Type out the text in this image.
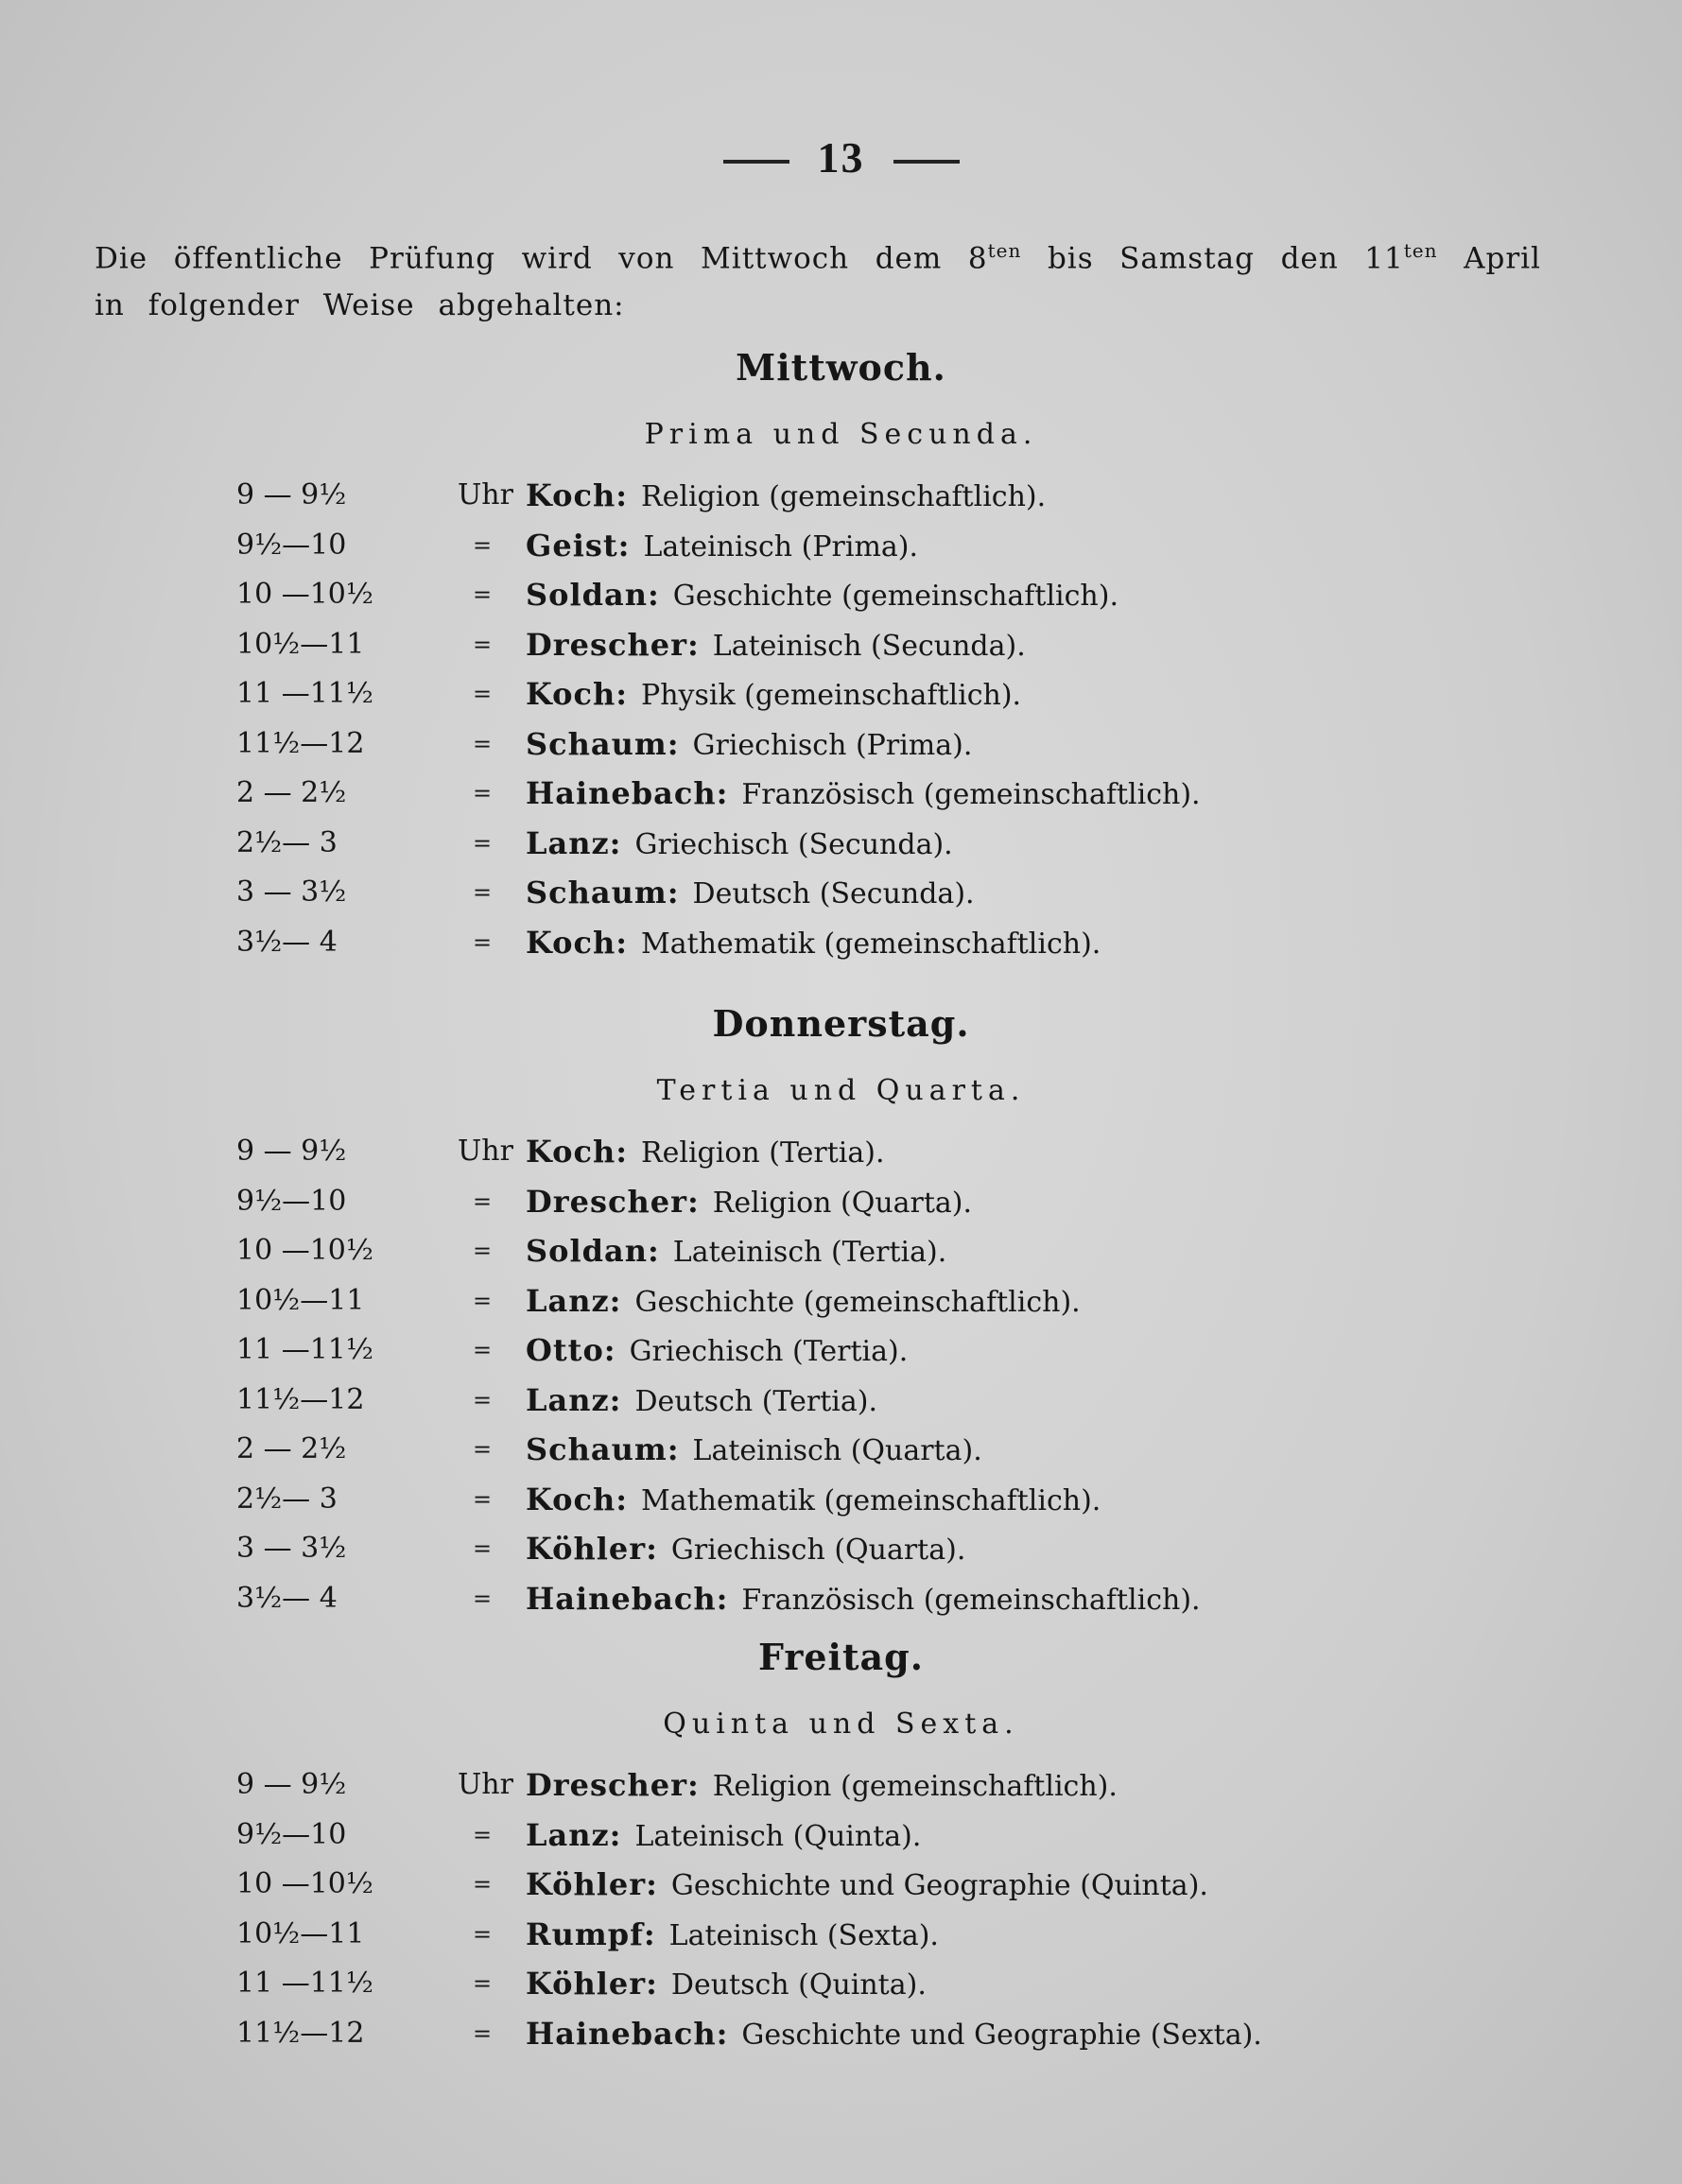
13
Die öffentliche Prüfung wird von Mittwoch dem $8^{ten}$ bis Samstag den $11^{ten}$ April in folgender Weise abgehalten:
Mittwoch.
Prima und Secunda.
9 — 9½	Uhr Koch: Religion (gemeinschaftlich).
9½—10	=	Geist: Lateinisch (Prima).
10 —10½	=	Soldan: Geschichte (gemeinschaftlich).
10½—11	=	Drescher: Lateinisch (Secunda).
11 —11½	=	Koch: Physik (gemeinschaftlich).
11½—12	=	Schaum: Griechisch (Prima).
2 — 2½	=	Hainebach: Französisch (gemeinschaftlich).
2½— 3	=	Lanz: Griechisch (Secunda).
3 — 3½	=	Schaum: Deutsch (Secunda).
3½— 4	=	Koch: Mathematik (gemeinschaftlich).
Donnerstag.
Tertia und Quarta.
9 — 9½	Uhr Koch: Religion (Tertia).
9½—10	=	Drescher: Religion (Quarta).
10 —10½	=	Soldan: Lateinisch (Tertia).
10½—11	=	Lanz: Geschichte (gemeinschaftlich).
11 —11½	=	Otto: Griechisch (Tertia).
11½—12	=	Lanz: Deutsch (Tertia).
2 — 2½	=	Schaum: Lateinisch (Quarta).
2½— 3	=	Koch: Mathematik (gemeinschaftlich).
3 — 3½	=	Köhler: Griechisch (Quarta).
3½— 4	=	Hainebach: Französisch (gemeinschaftlich).
Freitag.
Quinta und Sexta.
9 — 9½	Uhr Drescher: Religion (gemeinschaftlich).
9½—10	=	Lanz: Lateinisch (Quinta).
10 —10½	=	Köhler: Geschichte und Geographie (Quinta).
10½—11	=	Rumpf: Lateinisch (Sexta).
11 —11½	=	Köhler: Deutsch (Quinta).
11½—12	=	Hainebach: Geschichte und Geographie (Sexta).
